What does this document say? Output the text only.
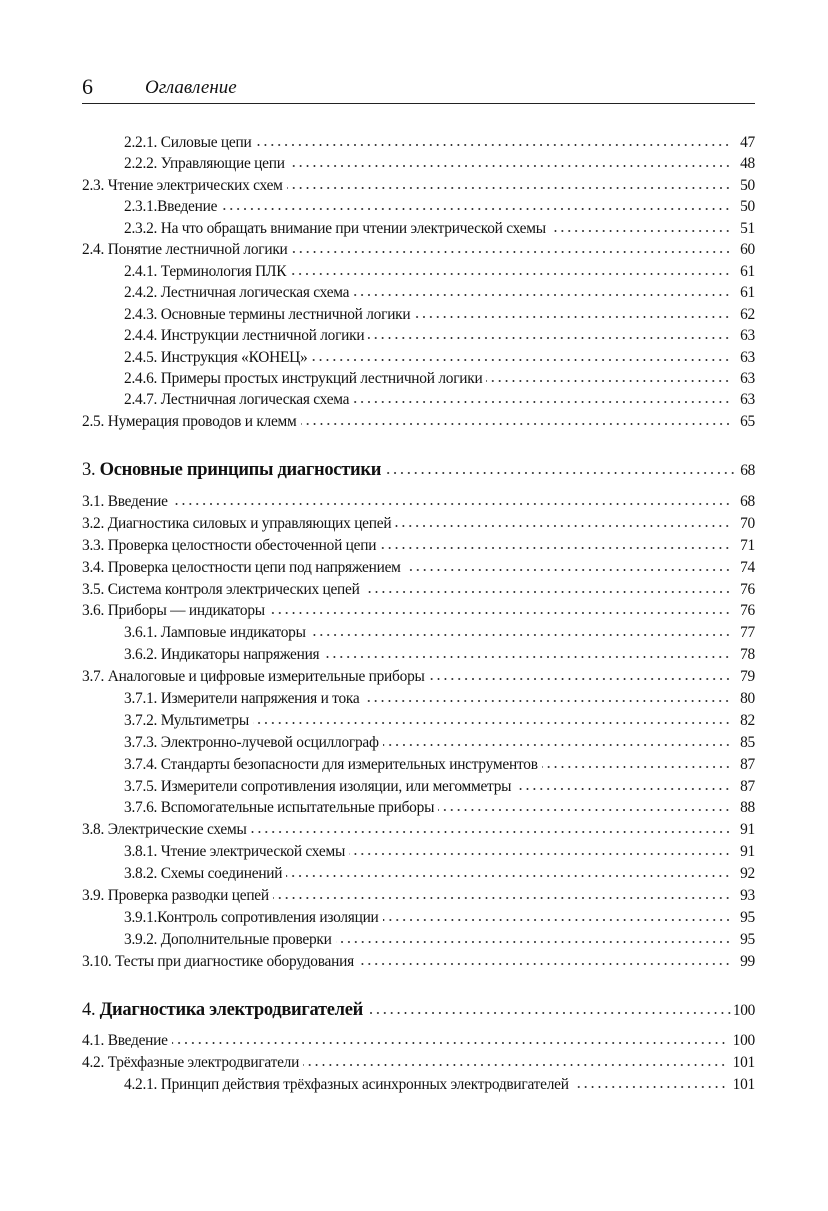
6	Оглавление
2.2.1. Силовые цепи	47
2.2.2. Управляющие цепи	48
2.3. Чтение электрических схем	50
2.3.1.Введение	50
2.3.2. На что обращать внимание при чтении электрической схемы	51
2.4. Понятие лестничной логики	60
2.4.1. Терминология ПЛК	61
2.4.2. Лестничная логическая схема	61
2.4.3. Основные термины лестничной логики	62
2.4.4. Инструкции лестничной логики	63
2.4.5. Инструкция «КОНЕЦ»	63
2.4.6. Примеры простых инструкций лестничной логики	63
2.4.7. Лестничная логическая схема	63
2.5. Нумерация проводов и клемм	65
3. Основные принципы диагностики	68
3.1. Введение	68
3.2. Диагностика силовых и управляющих цепей	70
3.3. Проверка целостности обесточенной цепи	71
3.4. Проверка целостности цепи под напряжением	74
3.5. Система контроля электрических цепей	76
3.6. Приборы — индикаторы	76
3.6.1. Ламповые индикаторы	77
3.6.2. Индикаторы напряжения	78
3.7. Аналоговые и цифровые измерительные приборы	79
3.7.1. Измерители напряжения и тока	80
3.7.2. Мультиметры	82
3.7.3. Электронно-лучевой осциллограф	85
3.7.4. Стандарты безопасности для измерительных инструментов	87
3.7.5. Измерители сопротивления изоляции, или мегомметры	87
3.7.6. Вспомогательные испытательные приборы	88
3.8. Электрические схемы	91
3.8.1. Чтение электрической схемы	91
3.8.2. Схемы соединений	92
3.9. Проверка разводки цепей	93
3.9.1.Контроль сопротивления изоляции	95
3.9.2. Дополнительные проверки	95
3.10. Тесты при диагностике оборудования	99
4. Диагностика электродвигателей	100
4.1. Введение	100
4.2. Трёхфазные электродвигатели	101
4.2.1. Принцип действия трёхфазных асинхронных электродвигателей	101
